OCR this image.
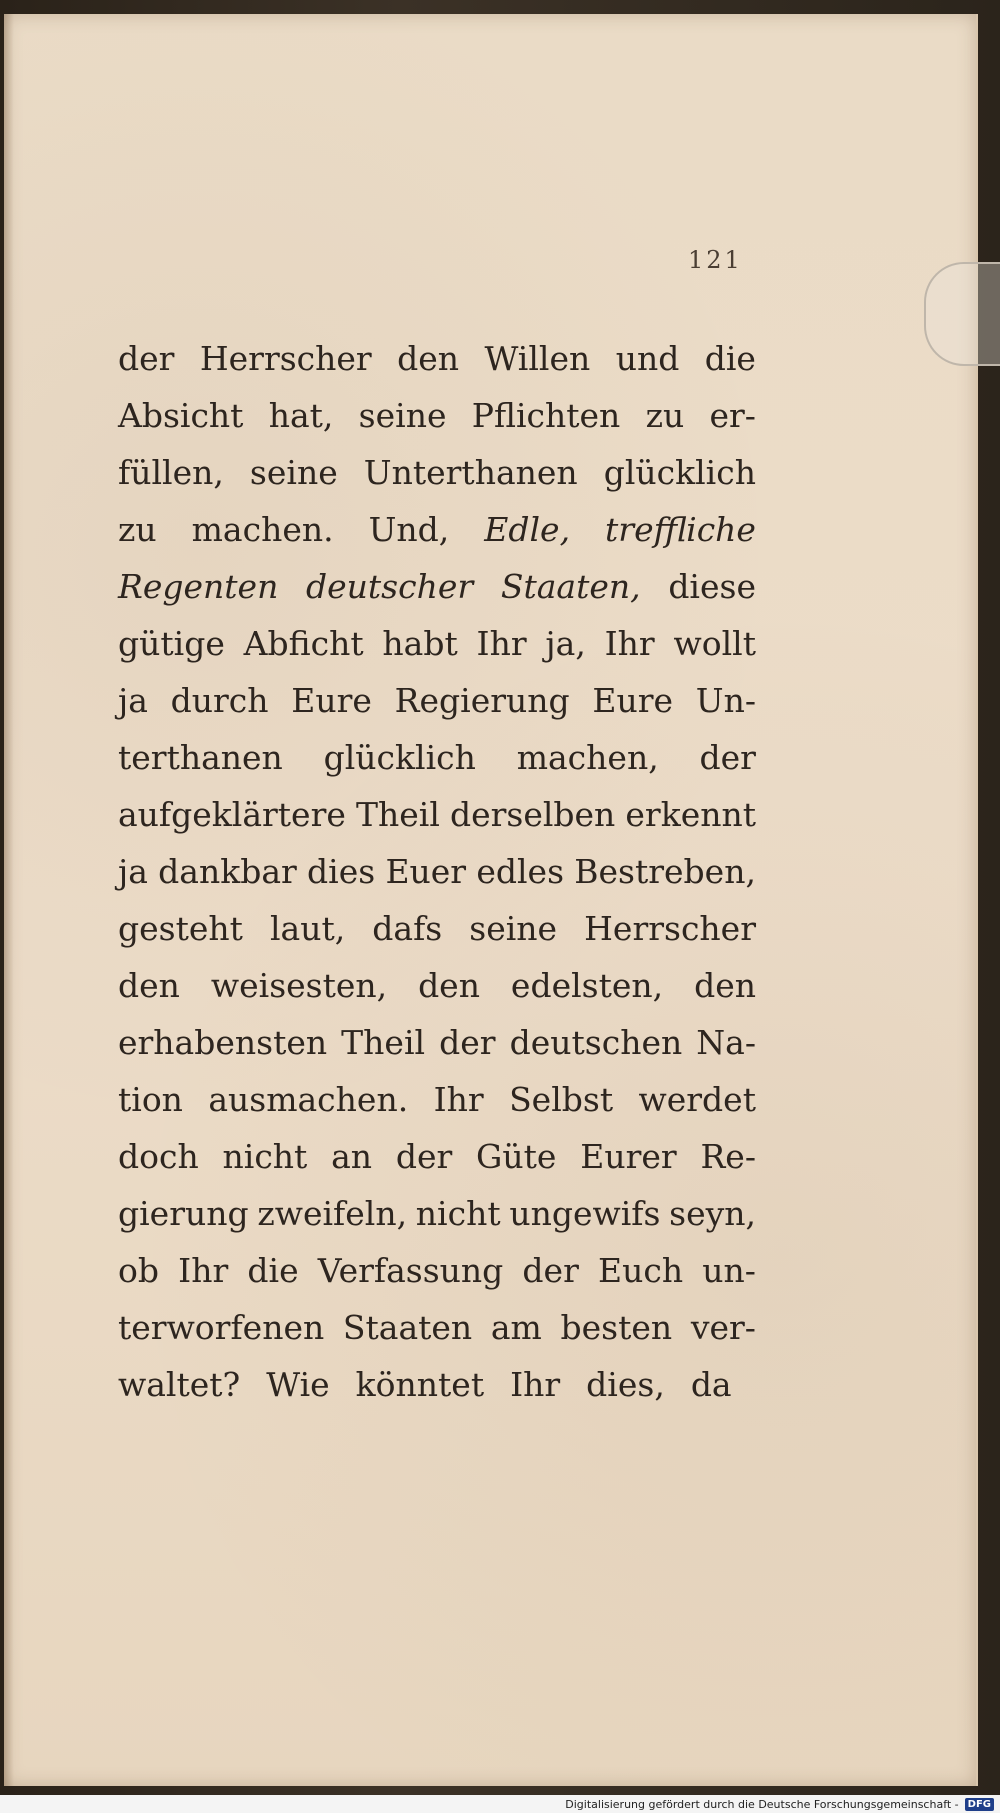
121
der Herrscher den Willen und die
Absicht hat, seine Pflichten zu er-
füllen, seine Unterthanen glücklich
zu machen. Und, Edle, treffliche
Regenten deutscher Staaten, diese
gütige Abficht habt Ihr ja, Ihr wollt
ja durch Eure Regierung Eure Un-
terthanen glücklich machen, der
aufgeklärtere Theil derselben erkennt
ja dankbar dies Euer edles Bestreben,
gesteht laut, dafs seine Herrscher
den weisesten, den edelsten, den
erhabensten Theil der deutschen Na-
tion ausmachen. Ihr Selbst werdet
doch nicht an der Güte Eurer Re-
gierung zweifeln, nicht ungewifs seyn,
ob Ihr die Verfassung der Euch un-
terworfenen Staaten am besten ver-
waltet? Wie könntet Ihr dies, da
Digitalisierung gefördert durch die Deutsche Forschungsgemeinschaft - DFG
